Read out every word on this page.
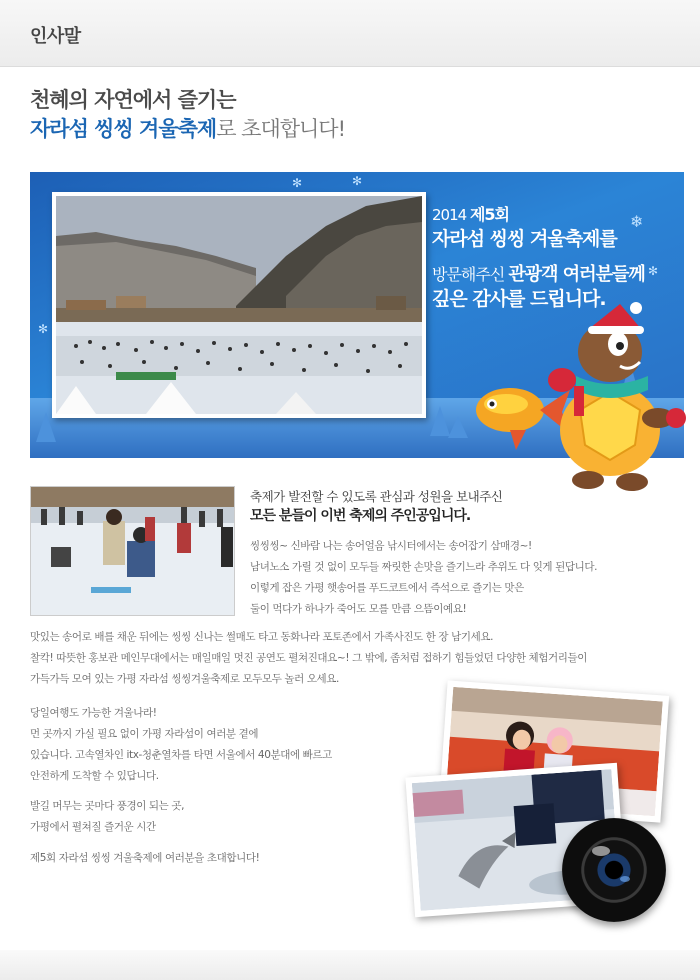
인사말
천혜의 자연에서 즐기는
자라섬 씽씽 겨울축제로 초대합니다!
✻	✻
❄
✻
✻
2014 제5회
자라섬 씽씽 겨울축제를
방문해주신 관광객 여러분들께
깊은 감사를 드립니다.
축제가 발전할 수 있도록 관심과 성원을 보내주신
모든 분들이 이번 축제의 주인공입니다.
씽씽씽~ 신바람 나는 송어얼음 낚시터에서는 송어잡기 삼매경~!
남녀노소 가릴 것 없이 모두들 짜릿한 손맛을 즐기느라 추위도 다 잊게 된답니다.
이렇게 잡은 가평 햇송어를 푸드코트에서 즉석으로 즐기는 맛은
둘이 먹다가 하나가 죽어도 모를 만큼 으뜸이예요!
맛있는 송어로 배를 채운 뒤에는 씽씽 신나는 썰매도 타고 동화나라 포토존에서 가족사진도 한 장 남기세요.
찰칵! 따뜻한 홍보관 메인무대에서는 매일매일 멋진 공연도 펼쳐진대요~! 그 밖에, 좀처럼 접하기 힘들었던 다양한 체험거리들이
가득가득 모여 있는 가평 자라섬 씽씽겨울축제로 모두모두 놀러 오세요.
당일여행도 가능한 겨울나라!
먼 곳까지 가실 필요 없이 가평 자라섬이 여러분 곁에
있습니다. 고속열차인 itx-청춘열차를 타면 서울에서 40분대에 빠르고
안전하게 도착할 수 있답니다.
발길 머무는 곳마다 풍경이 되는 곳,
가평에서 펼쳐질 즐거운 시간
제5회 자라섬 씽씽 겨울축제에 여러분을 초대합니다!
